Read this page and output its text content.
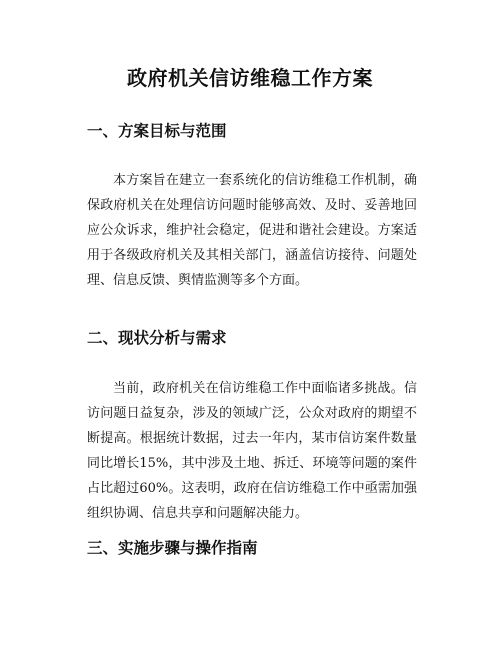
政府机关信访维稳工作方案
一、方案目标与范围

本方案旨在建立一套系统化的信访维稳工作机制，确保政府机关在处理信访问题时能够高效、及时、妥善地回应公众诉求，维护社会稳定，促进和谐社会建设。方案适用于各级政府机关及其相关部门，涵盖信访接待、问题处理、信息反馈、舆情监测等多个方面。

二、现状分析与需求

当前，政府机关在信访维稳工作中面临诸多挑战。信访问题日益复杂，涉及的领域广泛，公众对政府的期望不断提高。根据统计数据，过去一年内，某市信访案件数量同比增长15%，其中涉及土地、拆迁、环境等问题的案件占比超过60%。这表明，政府在信访维稳工作中亟需加强组织协调、信息共享和问题解决能力。

三、实施步骤与操作指南
